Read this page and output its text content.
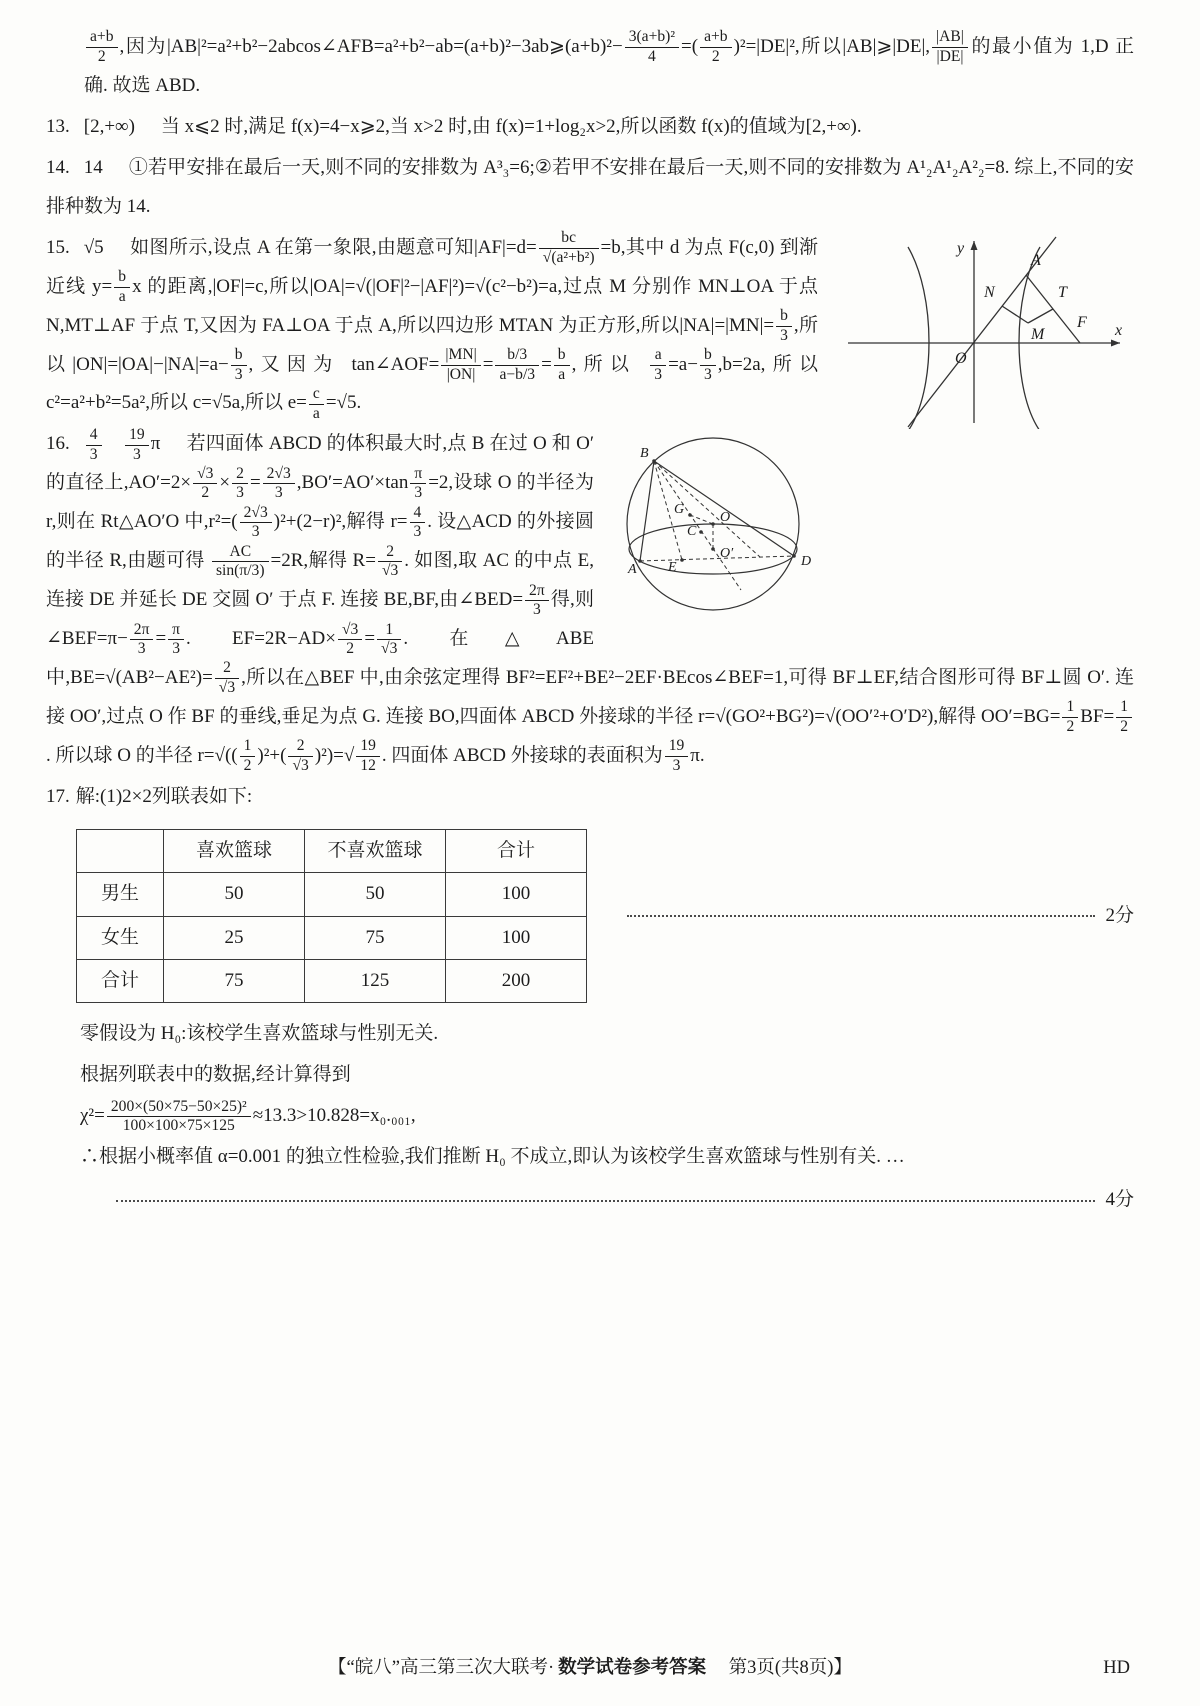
$\frac{a+b}{2}$ ,因为|AB|²=a²+b²−2abcos∠AFB=a²+b²−ab=(a+b)²−3ab⩾(a+b)²− $\frac{\text{3(a+b)²}}{4}$ =( $\frac{a+b}{2} )^2=|DE|^2$,所以|AB|⩾|DE|, $\frac{|AB|}{|DE|}$ 的最小值为 1,D 正确. 故选 ABD.
13. [2,+∞) 当 x⩽2 时,满足 f(x)=4−x⩾2,当 x>2 时,由 f(x)=1+log₂x>2,所以函数 f(x)的值域为[2,+∞).
14. 14 ①若甲安排在最后一天,则不同的安排数为 A³₃=6;②若甲不安排在最后一天,则不同的安排数为 A¹₂A¹₂A²₂=8. 综上,不同的安排种数为 14.
y
x
O
A
N	T
F
M
15. √5 如图所示,设点 A 在第一象限,由题意可知$|AF|=d= \frac{bc}{\text{√(a²+b²)}} =b$,其中 d 为点 F(c,0) 到渐近线 $y= \frac{b}{a}$ x 的距离,|OF|=c,所以|OA|=√(|OF|²−|AF|²)=√(c²−b²)=a,过点 M 分别作 MN⊥OA 于点 N,MT⊥AF 于点 T,又因为 FA⊥OA 于点 A,所以四边形 MTAN 为正方形,所以$|NA|=|MN|= \frac{b}{3}$ ,所以$|ON|=|OA|-|NA|=a- \frac{b}{3}$ ,又因为 tan∠AOF= $\frac{|MN|}{|ON|} = \frac{b/3}{a-b/3} = \frac{b}{a}$ ,所以 $\frac{a}{3} =a- \frac{b}{3} ,b=2a$,所以 c²=a²+b²=5a²,所以 c=√5a,所以 $e= \frac{c}{a} =√5$.
B
G
C
O
E
O′
A
D
16. $\frac{4}{3}$
　 $\frac{19}{3}$ π 若四面体 ABCD 的体积最大时,点 B 在过 O 和 O′ 的直径上$,AO'=2\times \frac{√3}{2} \times \frac{2}{3} = \frac{2√3}{3} ,BO'=AO'\times\tan \frac{\pi}{3} =2$,设球 O 的半径为 r,则在 Rt△AO′O 中$,r^2=( \frac{2√3}{3} )^2+(2-r)^2$,解得 $r= \frac{4}{3}$ . 设△ACD 的外接圆的半径 R,由题可得 $\frac{AC}{\sin(\pi/3)} =2R$,解得 $R= \frac{2}{√3}$ . 如图,取 AC 的中点 E,连接 DE 并延长 DE 交圆 O′ 于点 F. 连接 BE,BF,由∠BED= $\frac{2\pi}{3}$ 得,则∠BEF=π− $\frac{2\pi}{3} = \frac{\pi}{3}$ . $EF=2R-AD\times \frac{√3}{2} = \frac{1}{√3}$ . 在△ABE 中$,BE=√(AB^2-AE^2)= \frac{2}{√3}$ ,所以在△BEF 中,由余弦定理得 BF²=EF²+BE²−2EF·BEcos∠BEF=1,可得 BF⊥EF,结合图形可得 BF⊥圆 O′. 连接 OO′,过点 O 作 BF 的垂线,垂足为点 G. 连接 BO,四面体 ABCD 外接球的半径 r=√(GO²+BG²)=√(OO′²+O′D²),解得 $OO'=BG= \frac{1}{2} BF= \frac{1}{2}$
. 所以球 O 的半径 $r=√(( \frac{1}{2} )^2+( \frac{2}{√3} )^2)=√ \frac{19}{12}$ . 四面体 ABCD 外接球的表面积为 $\frac{19}{3} \pi$.
17. 解:(1)2×2列联表如下:
	喜欢篮球	不喜欢篮球	合计
男生	50	50	100
女生	25	75	100
合计	75	125	200
2分
零假设为 H₀:该校学生喜欢篮球与性别无关.
根据列联表中的数据,经计算得到
$\chi^2= \frac{\text{200×(50×75−50×25)²}}{100\times 100\times 75\times 125} \approx 13.3>10.828=x_0._{001}$,
∴根据小概率值 α=0.001 的独立性检验,我们推断 H₀ 不成立,即认为该校学生喜欢篮球与性别有关. …
4分
【“皖八”高三第三次大联考· 数学试卷参考答案　第3页(共8页)】	HD
